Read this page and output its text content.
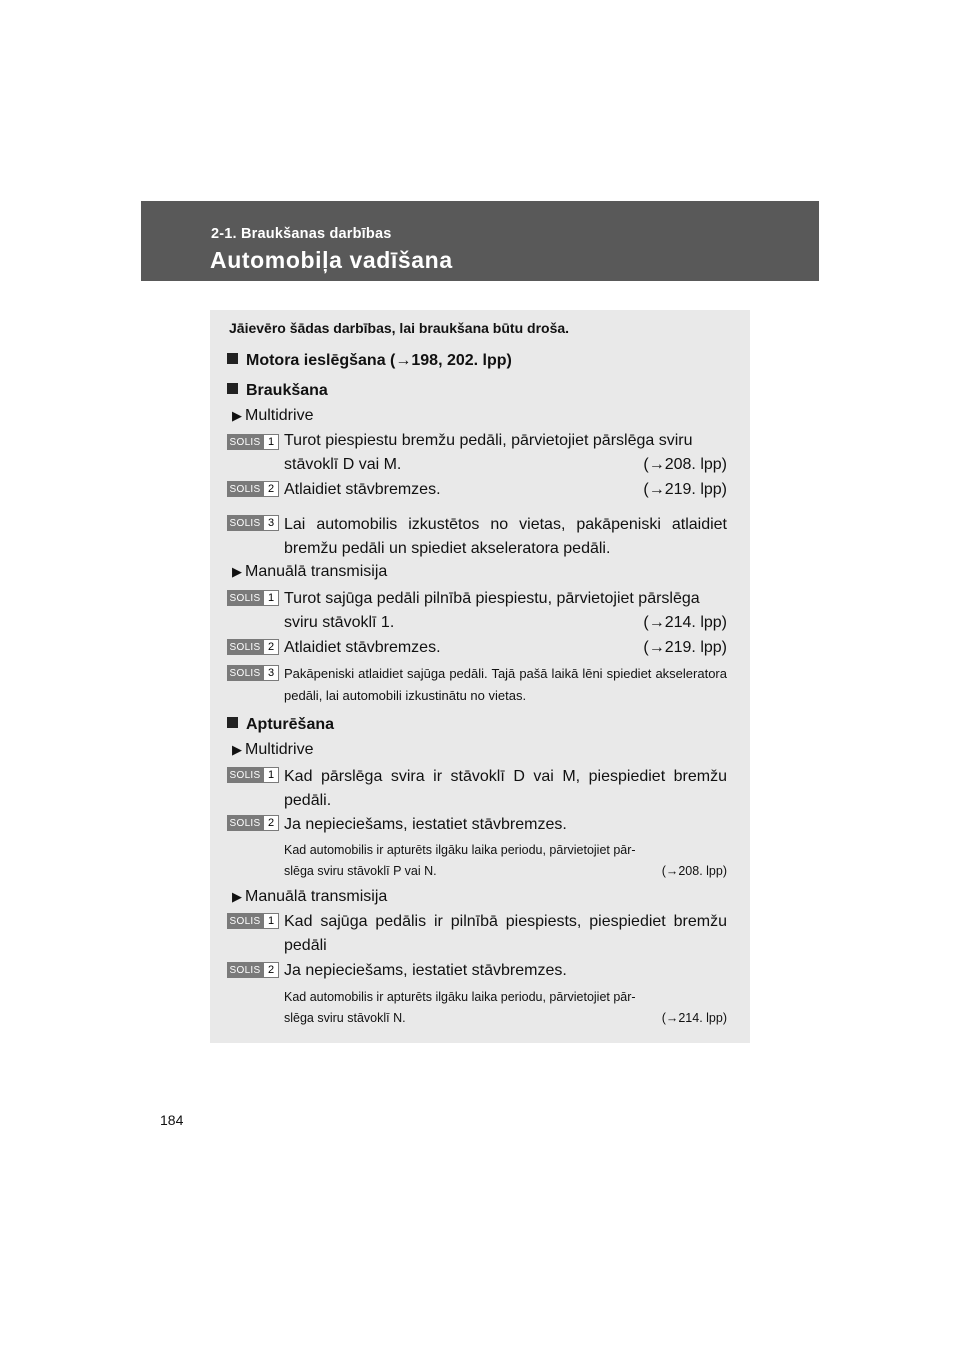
2-1. Braukšanas darbības
Automobiļa vadīšana
Jāievēro šādas darbības, lai braukšana būtu droša.
Motora ieslēgšana (→198, 202. lpp)
Braukšana
▶ Multidrive
SOLIS 1 Turot piespiestu bremžu pedāli, pārvietojiet pārslēga sviru
stāvoklī D vai M.	(→208. lpp)
SOLIS 2 Atlaidiet stāvbremzes.	(→219. lpp)
SOLIS 3 Lai automobilis izkustētos no vietas, pakāpeniski atlaidiet bremžu pedāli un spiediet akseleratora pedāli.
▶ Manuālā transmisija
SOLIS 1 Turot sajūga pedāli pilnībā piespiestu, pārvietojiet pārslēga
sviru stāvoklī 1.	(→214. lpp)
SOLIS 2 Atlaidiet stāvbremzes.	(→219. lpp)
SOLIS 3 Pakāpeniski atlaidiet sajūga pedāli. Tajā pašā laikā lēni spiediet akseleratora pedāli, lai automobili izkustinātu no vietas.
Apturēšana
▶ Multidrive
SOLIS 1 Kad pārslēga svira ir stāvoklī D vai M, piespiediet bremžu pedāli.
SOLIS 2 Ja nepieciešams, iestatiet stāvbremzes.
Kad automobilis ir apturēts ilgāku laika periodu, pārvietojiet pār-
slēga sviru stāvoklī P vai N.	(→208. lpp)
▶ Manuālā transmisija
SOLIS 1 Kad sajūga pedālis ir pilnībā piespiests, piespiediet bremžu pedāli
SOLIS 2 Ja nepieciešams, iestatiet stāvbremzes.
Kad automobilis ir apturēts ilgāku laika periodu, pārvietojiet pār-
slēga sviru stāvoklī N.	(→214. lpp)
184
